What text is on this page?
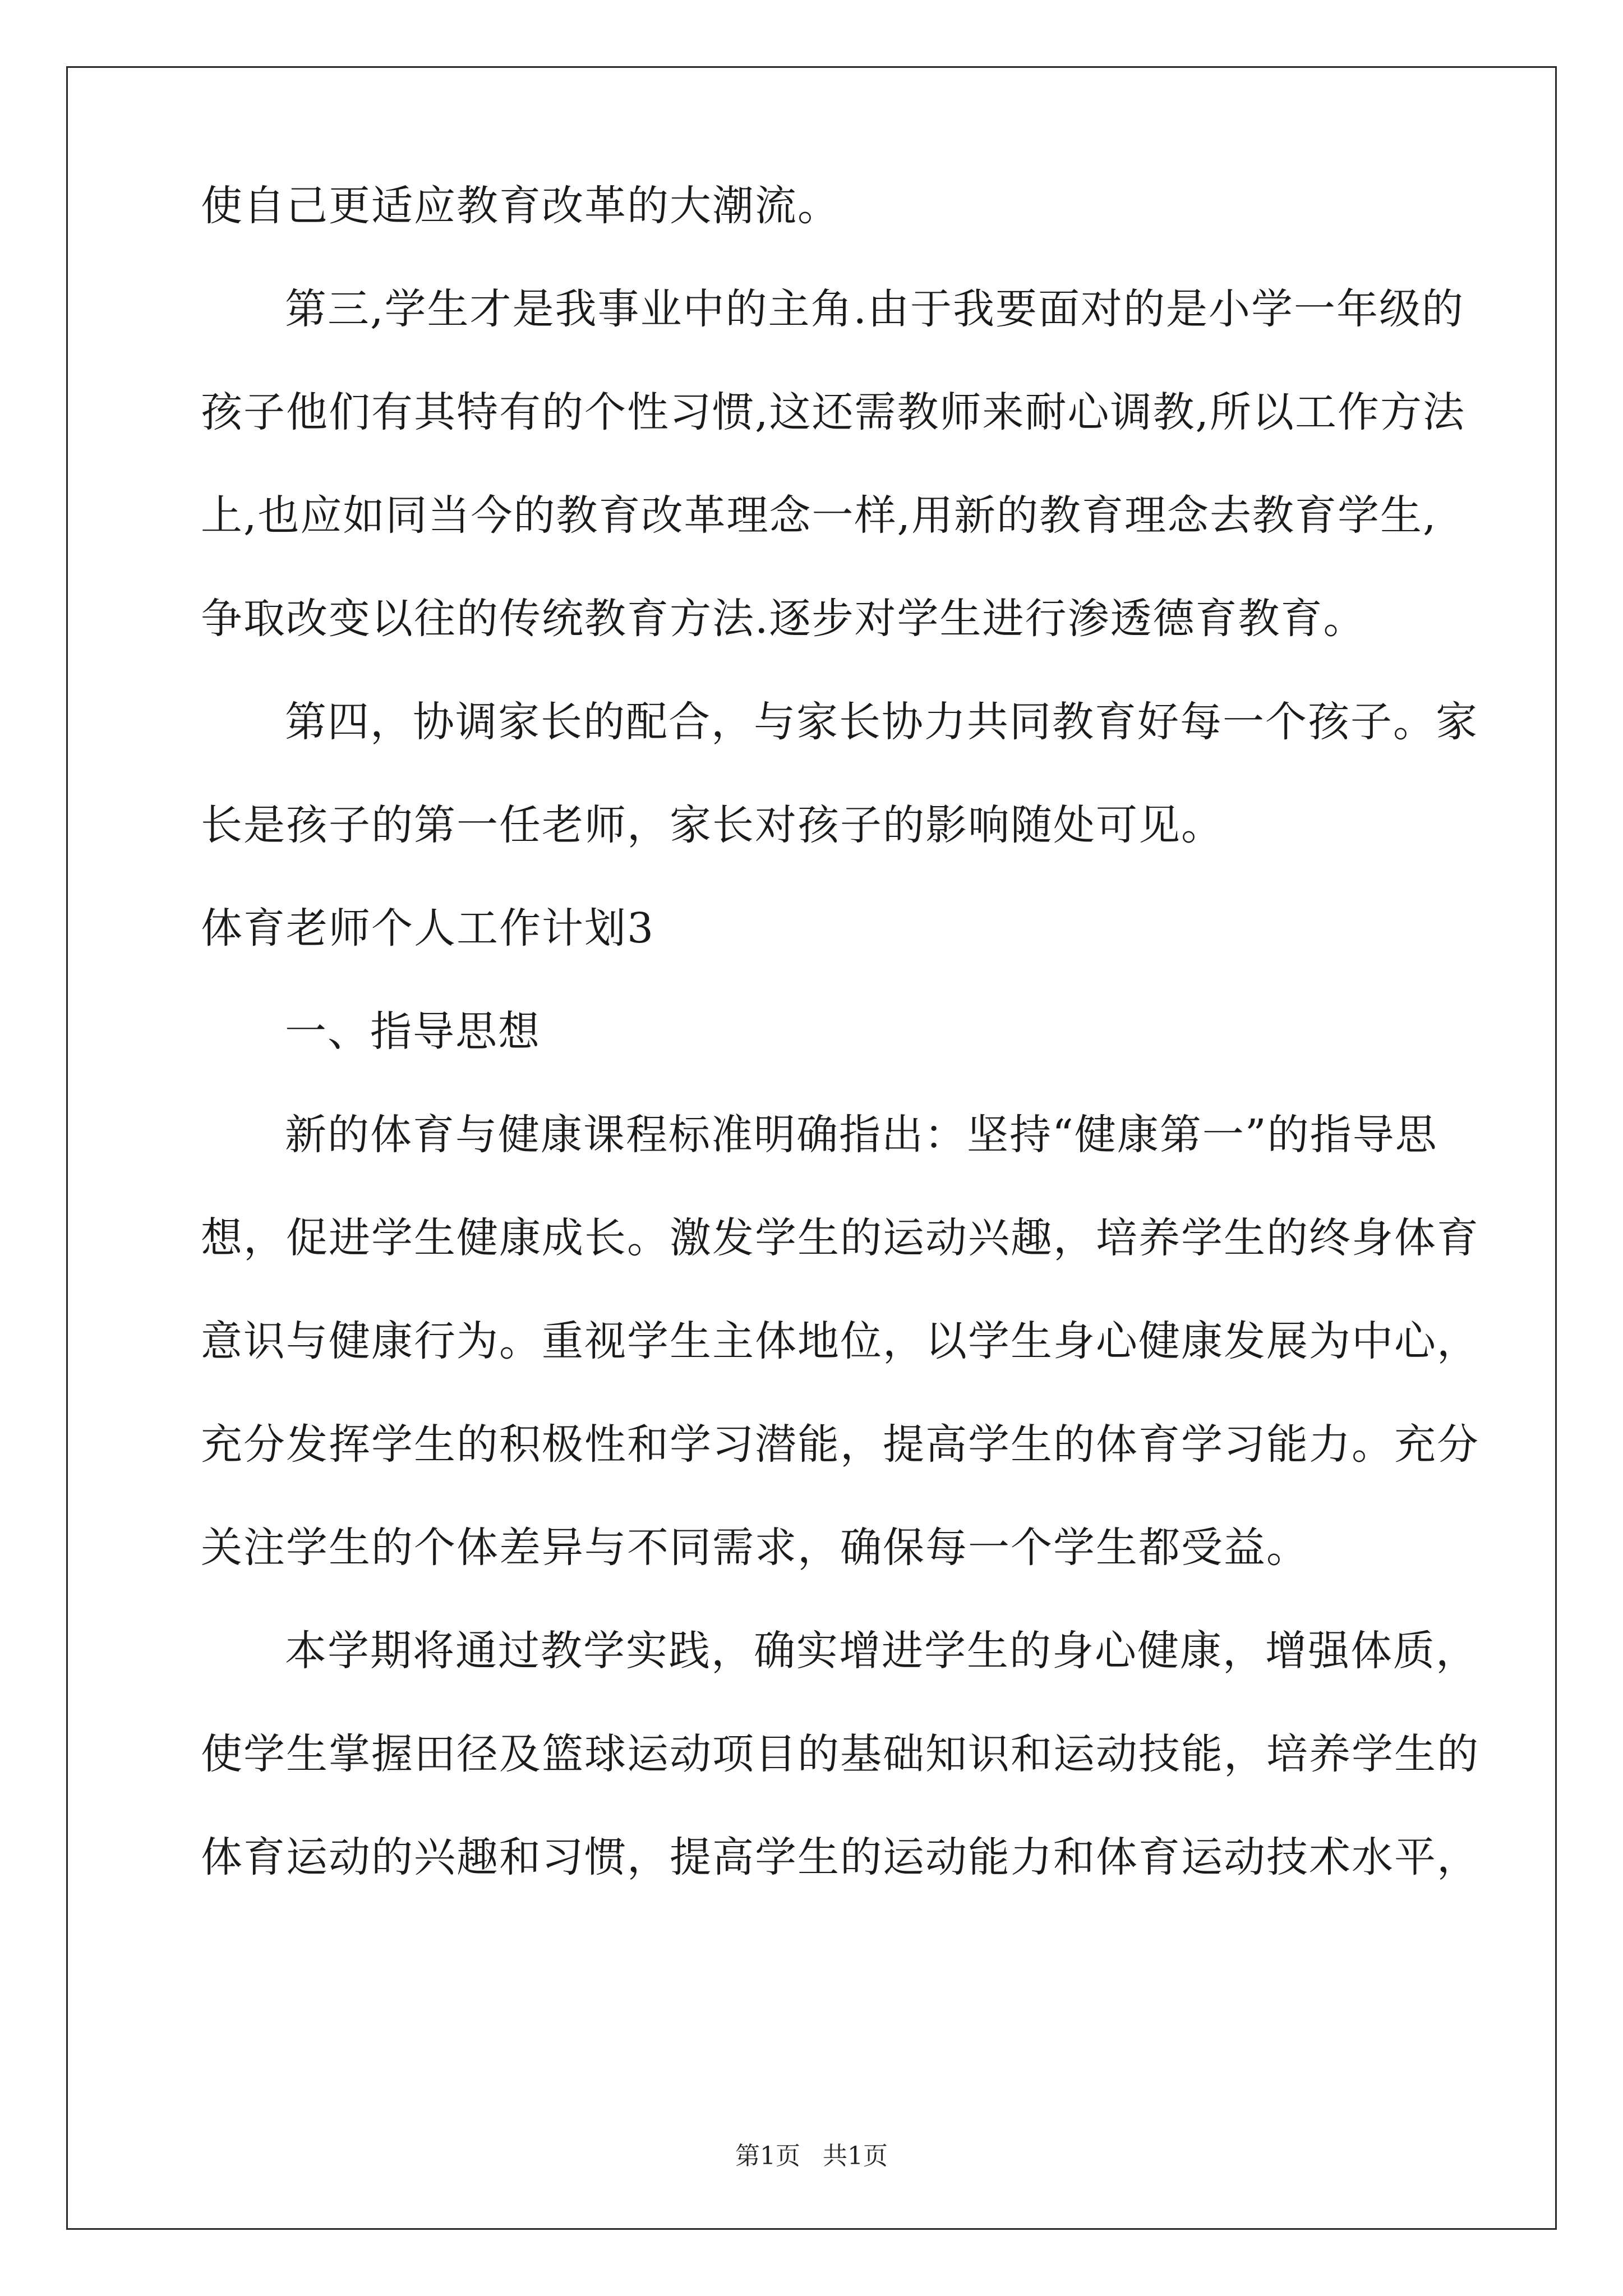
使自己更适应教育改革的大潮流。
第三,学生才是我事业中的主角.由于我要面对的是小学一年级的
孩子他们有其特有的个性习惯,这还需教师来耐心调教,所以工作方法
上,也应如同当今的教育改革理念一样,用新的教育理念去教育学生,
争取改变以往的传统教育方法.逐步对学生进行渗透德育教育。
第四，协调家长的配合，与家长协力共同教育好每一个孩子。家
长是孩子的第一任老师，家长对孩子的影响随处可见。
体育老师个人工作计划3
一、指导思想
新的体育与健康课程标准明确指出：坚持“健康第一”的指导思
想，促进学生健康成长。激发学生的运动兴趣，培养学生的终身体育
意识与健康行为。重视学生主体地位，以学生身心健康发展为中心，
充分发挥学生的积极性和学习潜能，提高学生的体育学习能力。充分
关注学生的个体差异与不同需求，确保每一个学生都受益。
本学期将通过教学实践，确实增进学生的身心健康，增强体质，
使学生掌握田径及篮球运动项目的基础知识和运动技能，培养学生的
体育运动的兴趣和习惯，提高学生的运动能力和体育运动技术水平，
第1页 共1页
